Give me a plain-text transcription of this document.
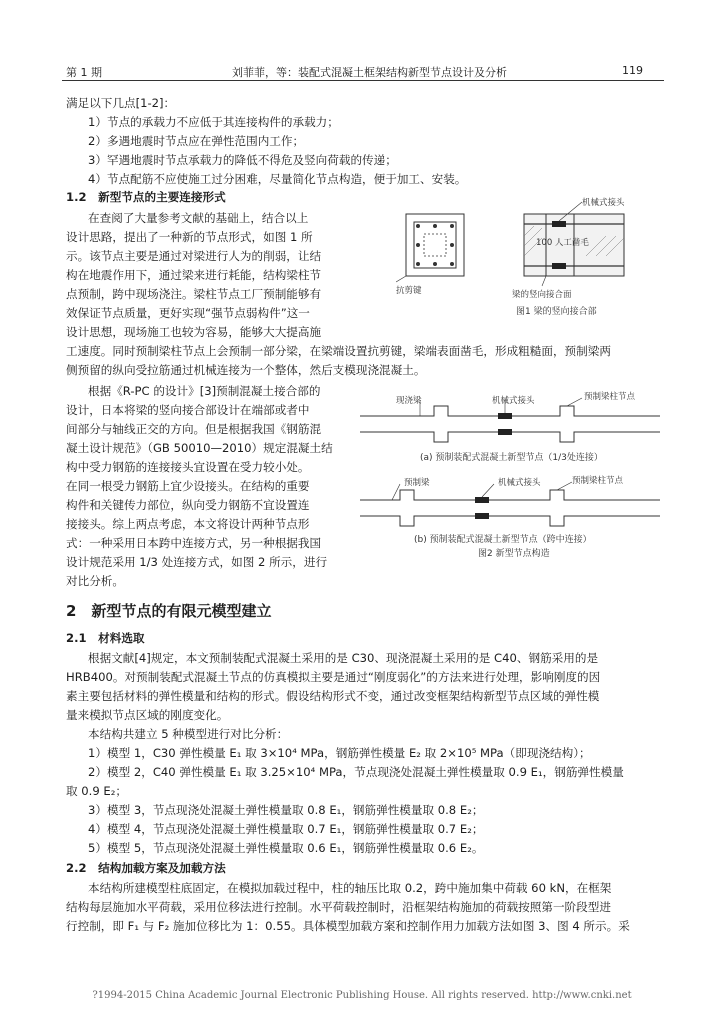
第 1 期	刘菲菲，等：装配式混凝土框架结构新型节点设计及分析	119
满足以下几点[1-2]：
1）节点的承载力不应低于其连接构件的承载力；
2）多遇地震时节点应在弹性范围内工作；
3）罕遇地震时节点承载力的降低不得危及竖向荷载的传递；
4）节点配筋不应使施工过分困难，尽量简化节点构造，便于加工、安装。
1.2　新型节点的主要连接形式
在查阅了大量参考文献的基础上，结合以上
设计思路，提出了一种新的节点形式，如图 1 所
示。该节点主要是通过对梁进行人为的削弱，让结
构在地震作用下，通过梁来进行耗能，结构梁柱节
点预制，跨中现场浇注。梁柱节点工厂预制能够有
效保证节点质量，更好实现“强节点弱构件”这一
设计思想，现场施工也较为容易，能够大大提高施
工速度。同时预制梁柱节点上会预制一部分梁，在梁端设置抗剪键，梁端表面凿毛，形成粗糙面，预制梁两
侧预留的纵向受拉筋通过机械连接为一个整体，然后支模现浇混凝土。
根据《R-PC 的设计》[3]预制混凝土接合部的
设计，日本将梁的竖向接合部设计在端部或者中
间部分与轴线正交的方向。但是根据我国《钢筋混
凝土设计规范》（GB 50010—2010）规定混凝土结
构中受力钢筋的连接接头宜设置在受力较小处。
在同一根受力钢筋上宜少设接头。在结构的重要
构件和关键传力部位，纵向受力钢筋不宜设置连
接接头。综上两点考虑，本文将设计两种节点形
式：一种采用日本跨中连接方式，另一种根据我国
设计规范采用 1/3 处连接方式，如图 2 所示，进行
对比分析。
2　新型节点的有限元模型建立
2.1　材料选取
根据文献[4]规定，本文预制装配式混凝土采用的是 C30、现浇混凝土采用的是 C40、钢筋采用的是
HRB400。对预制装配式混凝土节点的仿真模拟主要是通过“刚度弱化”的方法来进行处理，影响刚度的因
素主要包括材料的弹性模量和结构的形式。假设结构形式不变，通过改变框架结构新型节点区域的弹性模
量来模拟节点区域的刚度变化。
本结构共建立 5 种模型进行对比分析：
1）模型 1，C30 弹性模量 E₁ 取 3×10⁴ MPa，钢筋弹性模量 E₂ 取 2×10⁵ MPa（即现浇结构）；
2）模型 2，C40 弹性模量 E₁ 取 3.25×10⁴ MPa，节点现浇处混凝土弹性模量取 0.9 E₁，钢筋弹性模量
取 0.9 E₂；
3）模型 3，节点现浇处混凝土弹性模量取 0.8 E₁，钢筋弹性模量取 0.8 E₂；
4）模型 4，节点现浇处混凝土弹性模量取 0.7 E₁，钢筋弹性模量取 0.7 E₂；
5）模型 5，节点现浇处混凝土弹性模量取 0.6 E₁，钢筋弹性模量取 0.6 E₂。
2.2　结构加载方案及加载方法
本结构所建模型柱底固定，在模拟加载过程中，柱的轴压比取 0.2，跨中施加集中荷载 60 kN，在框架
结构每层施加水平荷载，采用位移法进行控制。水平荷载控制时，沿框架结构施加的荷载按照第一阶段型进
行控制，即 F₁ 与 F₂ 施加位移比为 1：0.55。具体模型加载方案和控制作用力加载方法如图 3、图 4 所示。采
机械式接头
100 人工凿毛
抗剪键	梁的竖向接合面
图1 梁的竖向接合部
现浇梁	机械式接头	预制梁柱节点
(a) 预制装配式混凝土新型节点（1/3处连接）
预制梁	机械式接头	预制梁柱节点
(b) 预制装配式混凝土新型节点（跨中连接）
图2 新型节点构造
?1994-2015 China Academic Journal Electronic Publishing House. All rights reserved. http://www.cnki.net
